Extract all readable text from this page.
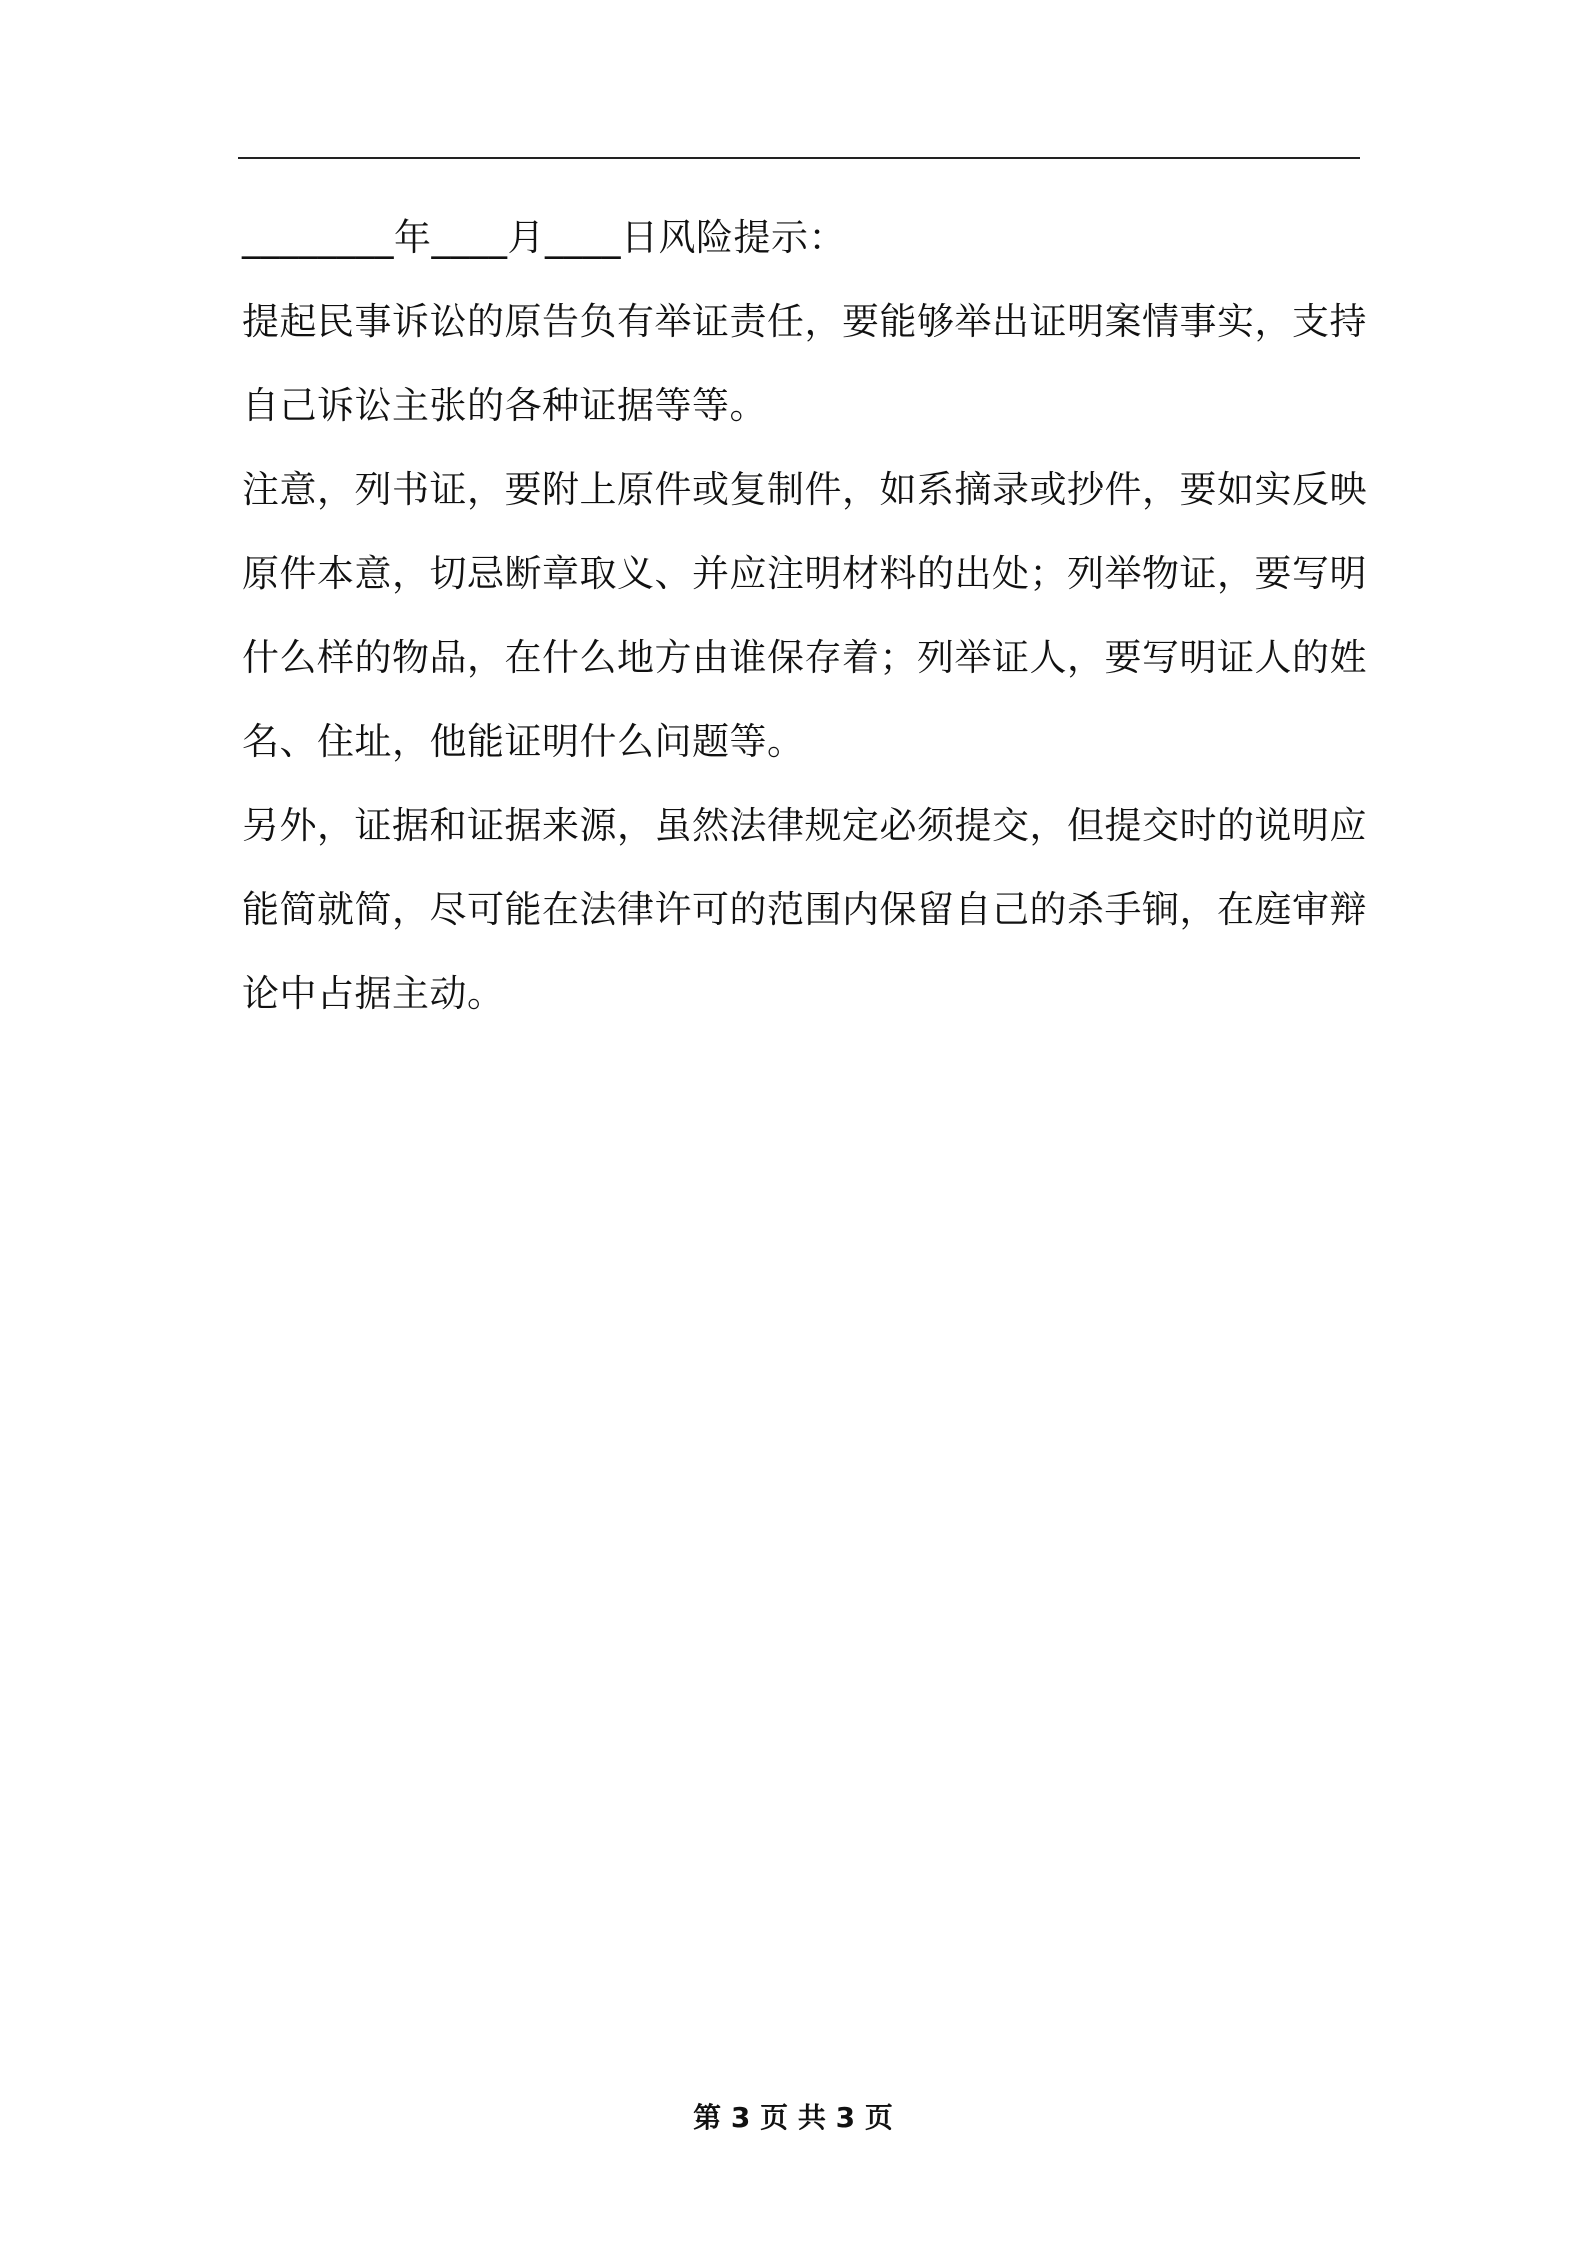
________年____月____日风险提示：
提起民事诉讼的原告负有举证责任，要能够举出证明案情事实，支持
自己诉讼主张的各种证据等等。
注意，列书证，要附上原件或复制件，如系摘录或抄件，要如实反映
原件本意，切忌断章取义、并应注明材料的出处；列举物证，要写明
什么样的物品，在什么地方由谁保存着；列举证人，要写明证人的姓
名、住址，他能证明什么问题等。
另外，证据和证据来源，虽然法律规定必须提交，但提交时的说明应
能简就简，尽可能在法律许可的范围内保留自己的杀手锏，在庭审辩
论中占据主动。
第 3 页 共 3 页
